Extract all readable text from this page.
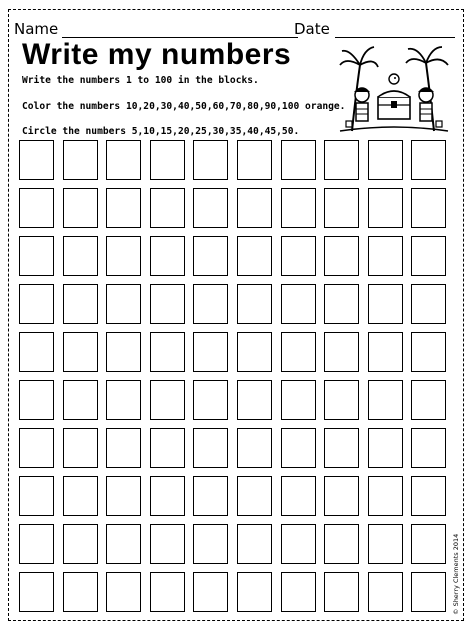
Name	Date
Write my numbers
Write the numbers 1 to 100 in the blocks.
Color the numbers 10,20,30,40,50,60,70,80,90,100 orange.
Circle the numbers 5,10,15,20,25,30,35,40,45,50.
© Sherry Clements 2014
